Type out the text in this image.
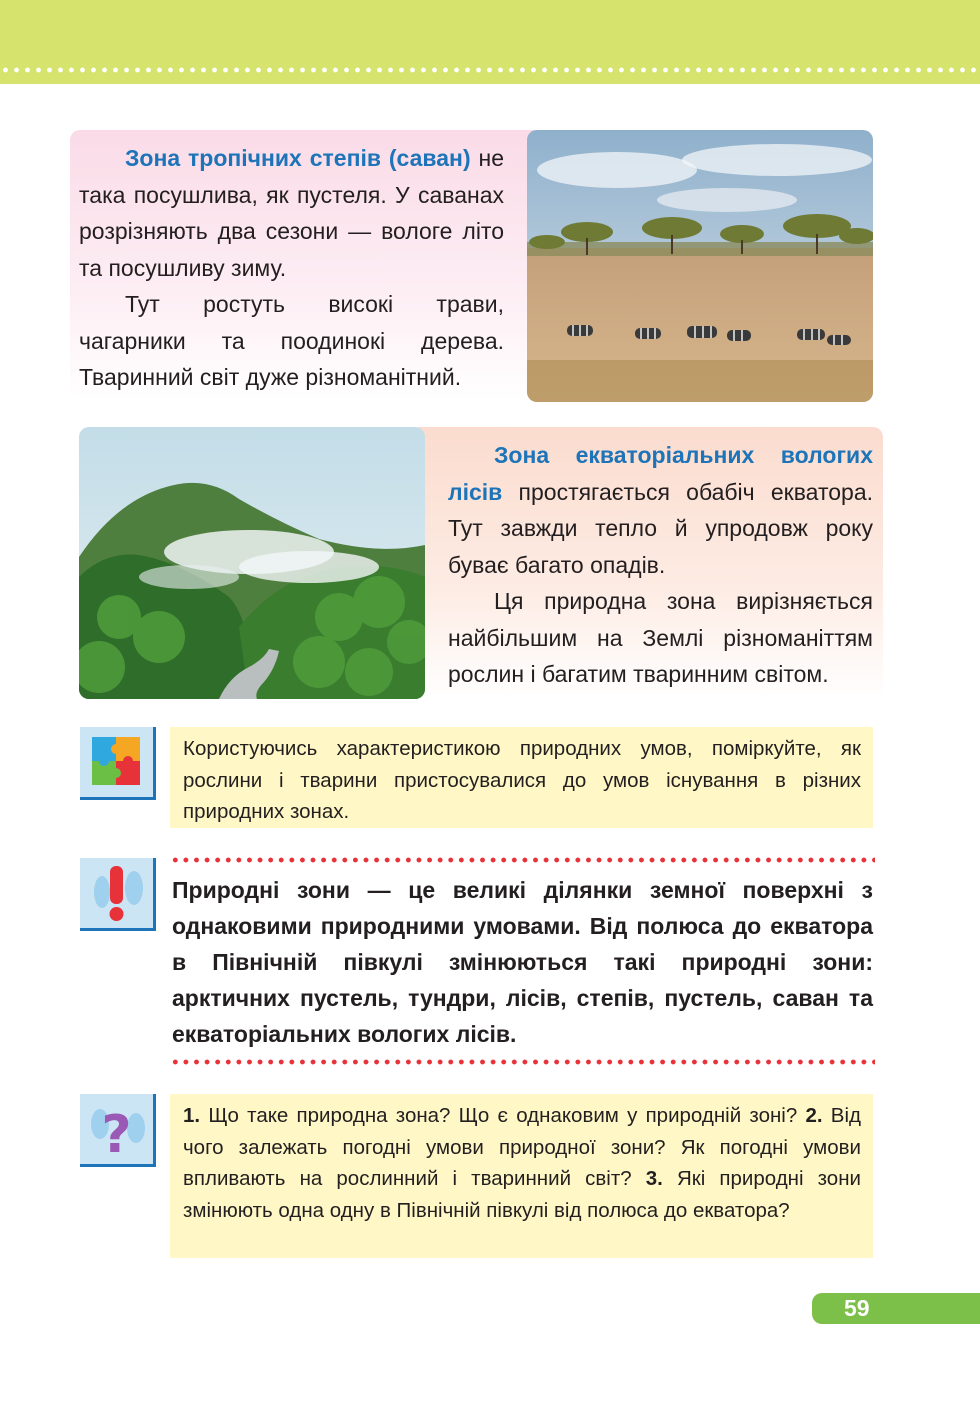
Зона тропічних степів (саван) не така посушлива, як пустеля. У саванах розрізняють два сезони — вологе літо та посушливу зиму.

Тут ростуть високі трави, чагарники та поодинокі дерева. Тваринний світ дуже різноманітний.

Зона екваторіальних вологих лісів простягається обабіч екватора. Тут завжди тепло й упродовж року буває багато опадів.

Ця природна зона вирізняється найбільшим на Землі різноманіттям рослин і багатим тваринним світом.

Користуючись характеристикою природних умов, поміркуйте, як рослини і тварини пристосувалися до умов існування в різних природних зонах.

Природні зони — це великі ділянки земної поверхні з однаковими природними умовами. Від полюса до екватора в Північній півкулі змінюються такі природні зони: арктичних пустель, тундри, лісів, степів, пустель, саван та екваторіальних вологих лісів.
?	1. Що таке природна зона? Що є однаковим у природній зоні? 2. Від чого залежать погодні умови природної зони? Як погодні умови впливають на рослинний і тваринний світ? 3. Які природні зони змінюють одна одну в Північній півкулі від полюса до екватора?

59
